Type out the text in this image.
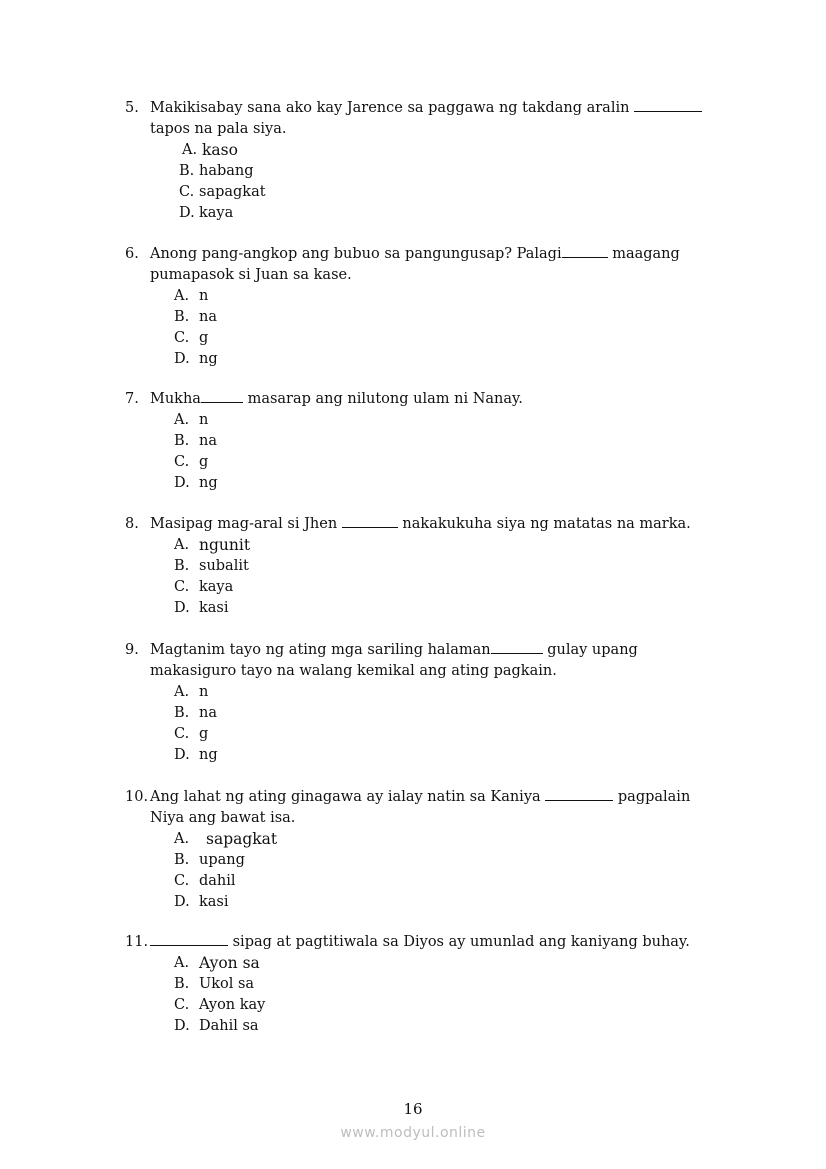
5. Makikisabay sana ako kay Jarence sa paggawa ng takdang aralin
tapos na pala siya.
A. kaso
B. habang
C. sapagkat
D. kaya
6. Anong pang-angkop ang bubuo sa pangungusap? Palagi	maagang
pumapasok si Juan sa kase.
A. n
B. na
C. g
D. ng
7. Mukha	masarap ang nilutong ulam ni Nanay.
A. n
B. na
C. g
D. ng
8. Masipag mag-aral si Jhen	nakakukuha siya ng matatas na marka.
A. ngunit
B. subalit
C. kaya
D. kasi
9. Magtanim tayo ng ating mga sariling halaman	gulay upang
makasiguro tayo na walang kemikal ang ating pagkain.
A. n
B. na
C. g
D. ng
10. Ang lahat ng ating ginagawa ay ialay natin sa Kaniya	pagpalain
Niya ang bawat isa.
A.	sapagkat
B. upang
C. dahil
D. kasi
11.	sipag at pagtitiwala sa Diyos ay umunlad ang kaniyang buhay.
A. Ayon sa
B. Ukol sa
C. Ayon kay
D. Dahil sa
16
www.modyul.online
